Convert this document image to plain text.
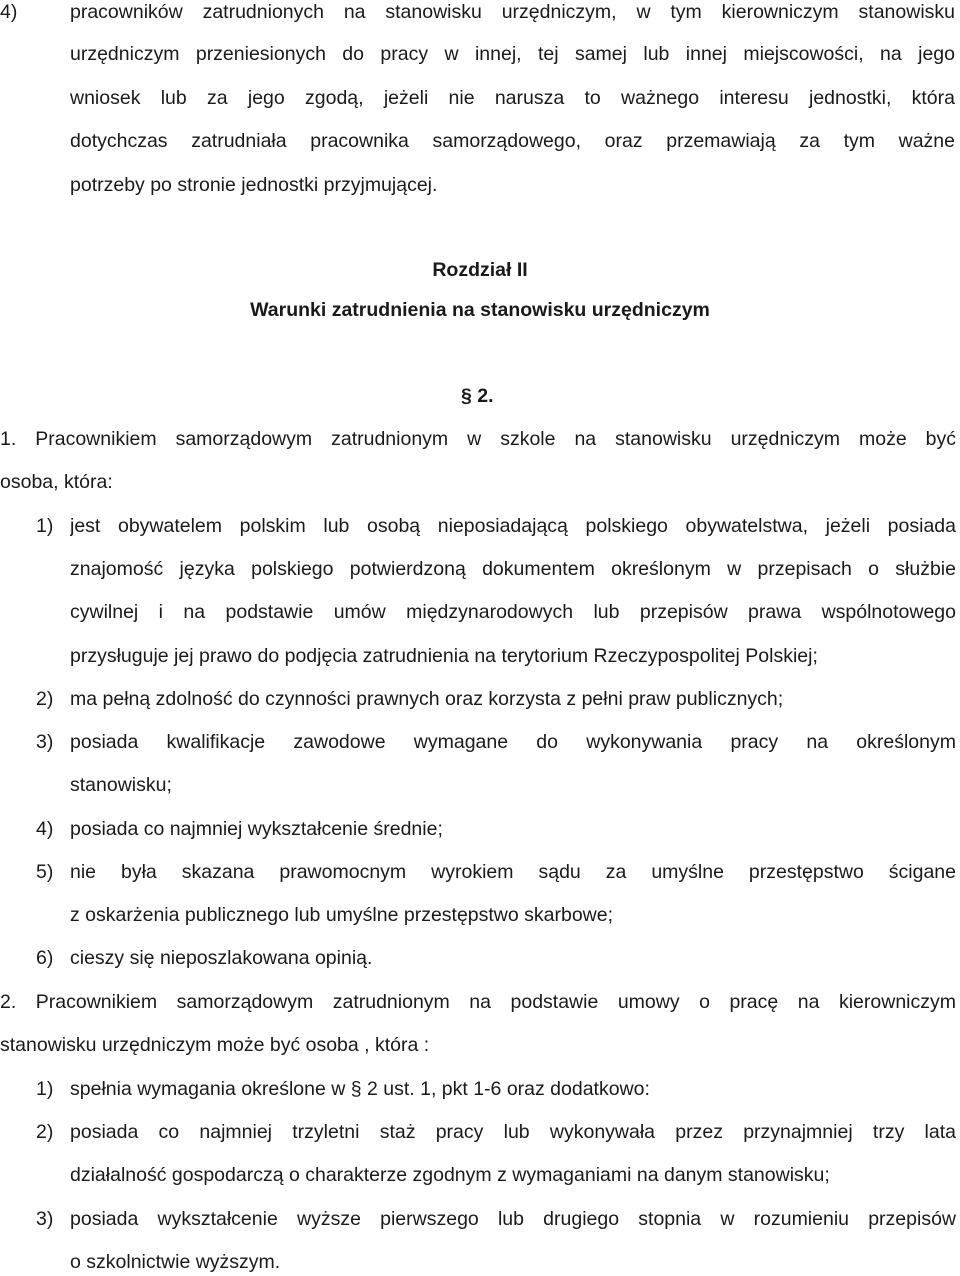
4)	pracowników zatrudnionych na stanowisku urzędniczym, w tym kierowniczym stanowisku
urzędniczym przeniesionych do pracy w innej, tej samej lub innej miejscowości, na jego
wniosek lub za jego zgodą, jeżeli nie narusza to ważnego interesu jednostki, która
dotychczas zatrudniała pracownika samorządowego, oraz przemawiają za tym ważne
potrzeby po stronie jednostki przyjmującej.
Rozdział II
Warunki zatrudnienia na stanowisku urzędniczym
§ 2.
1. Pracownikiem samorządowym zatrudnionym w szkole na stanowisku urzędniczym może być
osoba, która:
1) jest obywatelem polskim lub osobą nieposiadającą polskiego obywatelstwa, jeżeli posiada
znajomość języka polskiego potwierdzoną dokumentem określonym w przepisach o służbie
cywilnej i na podstawie umów międzynarodowych lub przepisów prawa wspólnotowego
przysługuje jej prawo do podjęcia zatrudnienia na terytorium Rzeczypospolitej Polskiej;
2) ma pełną zdolność do czynności prawnych oraz korzysta z pełni praw publicznych;
3) posiada kwalifikacje zawodowe wymagane do wykonywania pracy na określonym
stanowisku;
4) posiada co najmniej wykształcenie średnie;
5) nie była skazana prawomocnym wyrokiem sądu za umyślne przestępstwo ścigane
z oskarżenia publicznego lub umyślne przestępstwo skarbowe;
6) cieszy się nieposzlakowana opinią.
2. Pracownikiem samorządowym zatrudnionym na podstawie umowy o pracę na kierowniczym
stanowisku urzędniczym może być osoba , która :
1) spełnia wymagania określone w § 2 ust. 1, pkt 1-6 oraz dodatkowo:
2) posiada co najmniej trzyletni staż pracy lub wykonywała przez przynajmniej trzy lata
działalność gospodarczą o charakterze zgodnym z wymaganiami na danym stanowisku;
3) posiada wykształcenie wyższe pierwszego lub drugiego stopnia w rozumieniu przepisów
o szkolnictwie wyższym.
